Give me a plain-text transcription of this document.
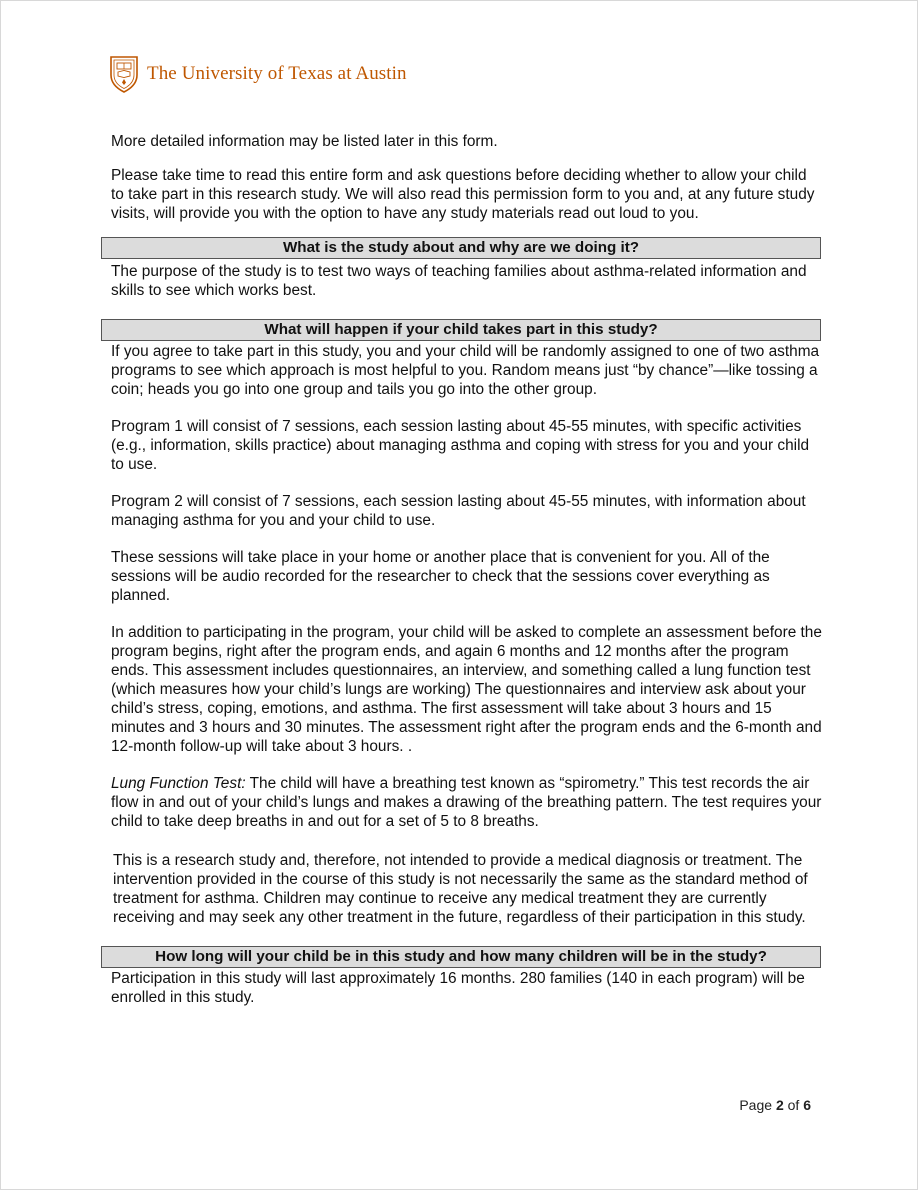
The University of Texas at Austin

More detailed information may be listed later in this form.

Please take time to read this entire form and ask questions before deciding whether to allow your child to take part in this research study. We will also read this permission form to you and, at any future study visits, will provide you with the option to have any study materials read out loud to you.

What is the study about and why are we doing it?

The purpose of the study is to test two ways of teaching families about asthma-related information and skills to see which works best.

What will happen if your child takes part in this study?

If you agree to take part in this study, you and your child will be randomly assigned to one of two asthma programs to see which approach is most helpful to you. Random means just “by chance”—like tossing a coin; heads you go into one group and tails you go into the other group.

Program 1 will consist of 7 sessions, each session lasting about 45-55 minutes, with specific activities (e.g., information, skills practice) about managing asthma and coping with stress for you and your child to use.

Program 2 will consist of 7 sessions, each session lasting about 45-55 minutes, with information about managing asthma for you and your child to use.

These sessions will take place in your home or another place that is convenient for you. All of the sessions will be audio recorded for the researcher to check that the sessions cover everything as planned.

In addition to participating in the program, your child will be asked to complete an assessment before the program begins, right after the program ends, and again 6 months and 12 months after the program ends. This assessment includes questionnaires, an interview, and something called a lung function test (which measures how your child’s lungs are working) The questionnaires and interview ask about your child’s stress, coping, emotions, and asthma. The first assessment will take about 3 hours and 15 minutes and 3 hours and 30 minutes. The assessment right after the program ends and the 6-month and 12-month follow-up will take about 3 hours. .

Lung Function Test: The child will have a breathing test known as “spirometry.” This test records the air flow in and out of your child’s lungs and makes a drawing of the breathing pattern. The test requires your child to take deep breaths in and out for a set of 5 to 8 breaths.

This is a research study and, therefore, not intended to provide a medical diagnosis or treatment. The intervention provided in the course of this study is not necessarily the same as the standard method of treatment for asthma. Children may continue to receive any medical treatment they are currently receiving and may seek any other treatment in the future, regardless of their participation in this study.

How long will your child be in this study and how many children will be in the study?

Participation in this study will last approximately 16 months. 280 families (140 in each program) will be enrolled in this study.

Page 2 of 6
